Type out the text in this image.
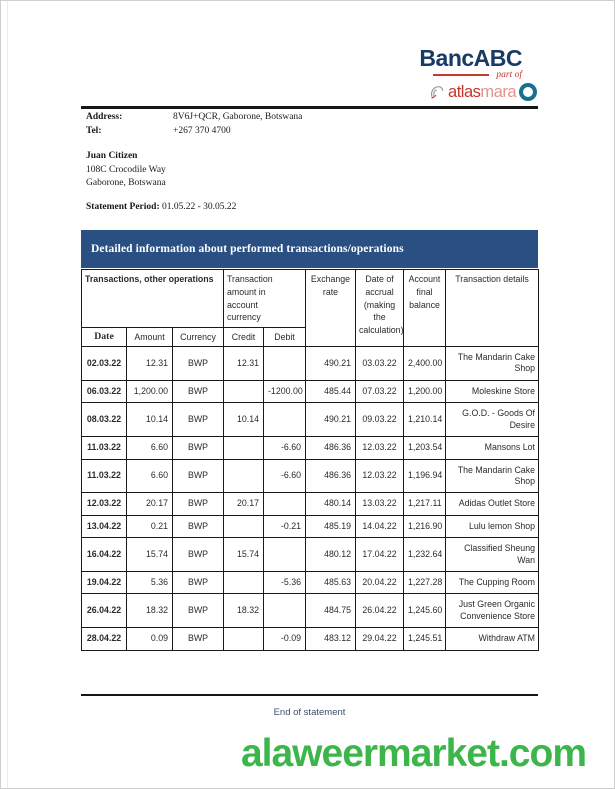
BancABC
part of
atlasmara
Address:	8V6J+QCR, Gaborone, Botswana
Tel:	+267 370 4700
Juan Citizen
108C Crocodile Way
Gaborone, Botswana
Statement Period: 01.05.22 - 30.05.22
Detailed information about performed transactions/operations
Transactions, other operations			Transaction amount in account currency		Exchange rate	Date of accrual (making the calculation)	Account final balance	Transaction details
Date	Amount	Currency	Credit	Debit				
02.03.22	12.31	BWP	12.31		490.21	03.03.22	2,400.00	The Mandarin Cake Shop
06.03.22	1,200.00	BWP		-1200.00	485.44	07.03.22	1,200.00	Moleskine Store
08.03.22	10.14	BWP	10.14		490.21	09.03.22	1,210.14	G.O.D. - Goods Of Desire
11.03.22	6.60	BWP		-6.60	486.36	12.03.22	1,203.54	Mansons Lot
11.03.22	6.60	BWP		-6.60	486.36	12.03.22	1,196.94	The Mandarin Cake Shop
12.03.22	20.17	BWP	20.17		480.14	13.03.22	1,217.11	Adidas Outlet Store
13.04.22	0.21	BWP		-0.21	485.19	14.04.22	1,216.90	Lulu lemon Shop
16.04.22	15.74	BWP	15.74		480.12	17.04.22	1,232.64	Classified Sheung Wan
19.04.22	5.36	BWP		-5.36	485.63	20.04.22	1,227.28	The Cupping Room
26.04.22	18.32	BWP	18.32		484.75	26.04.22	1,245.60	Just Green Organic Convenience Store
28.04.22	0.09	BWP		-0.09	483.12	29.04.22	1,245.51	Withdraw ATM
End of statement
alaweermarket.com
